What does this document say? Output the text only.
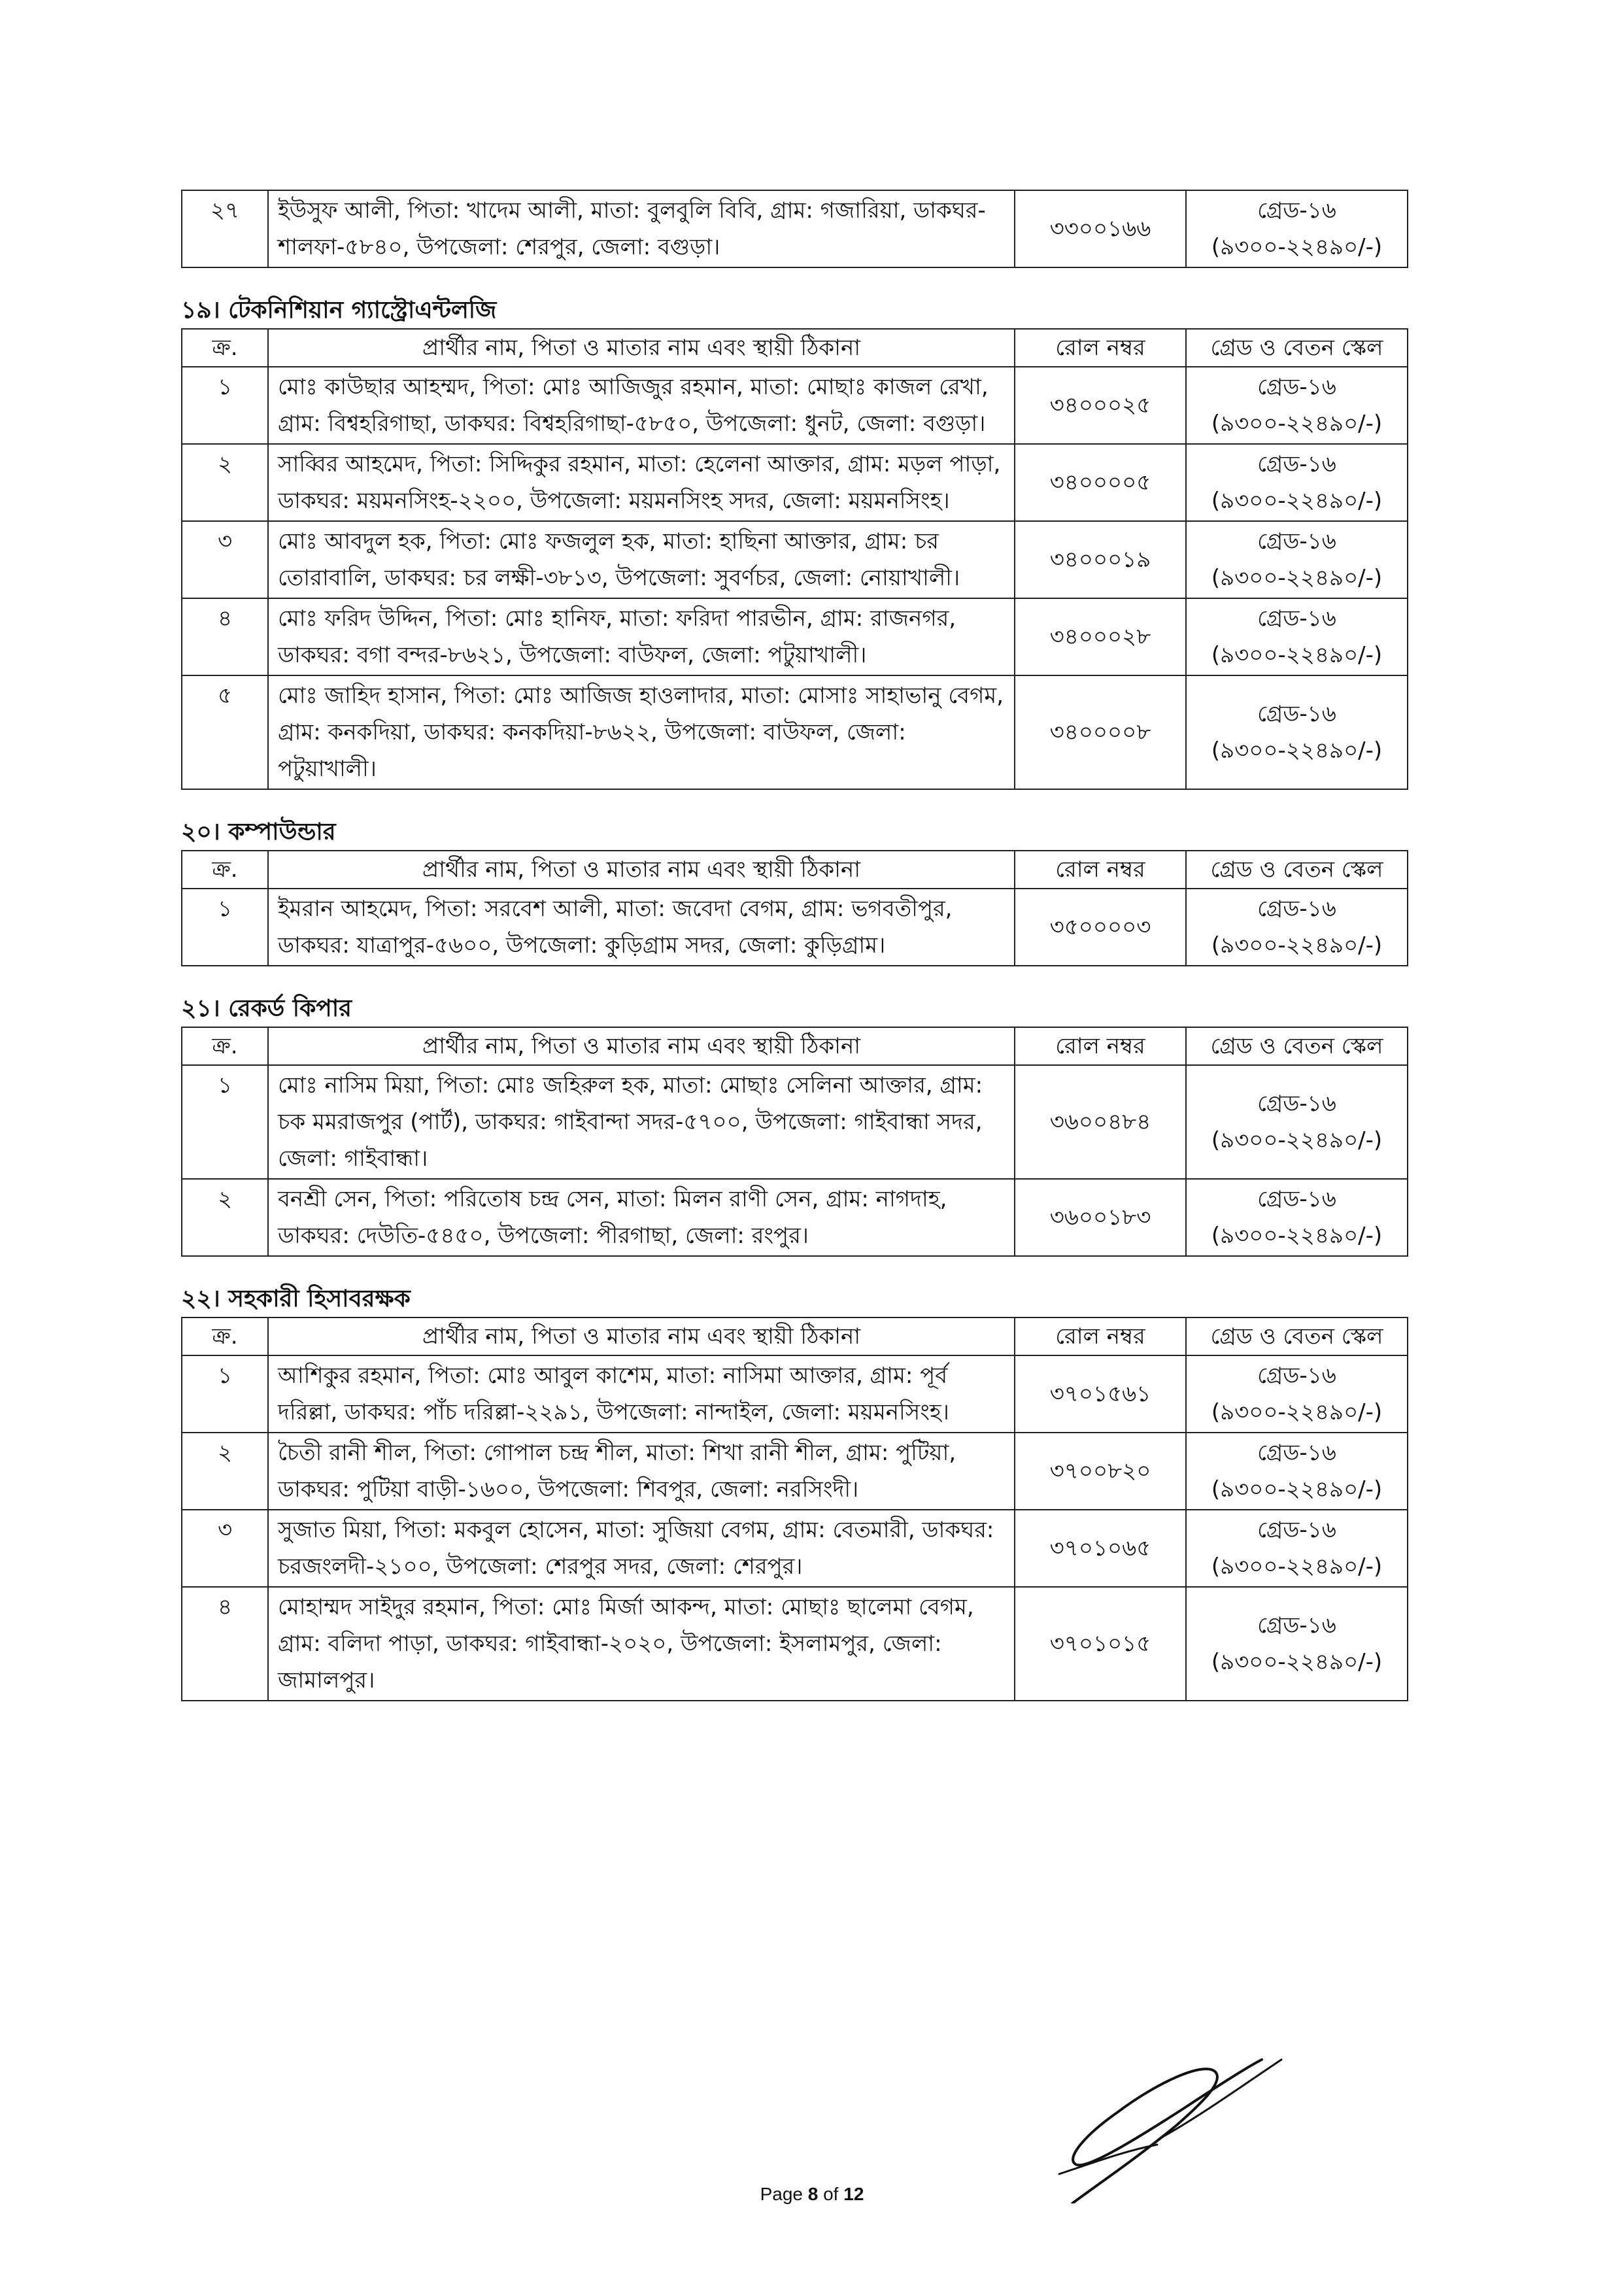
২৭	ইউসুফ আলী, পিতা: খাদেম আলী, মাতা: বুলবুলি বিবি, গ্রাম: গজারিয়া, ডাকঘর-শালফা-৫৮৪০, উপজেলা: শেরপুর, জেলা: বগুড়া।	৩৩০০১৬৬	
গ্রেড-১৬
(৯৩০০-২২৪৯০/-)
১৯। টেকনিশিয়ান গ্যাস্ট্রোএন্টলজি
ক্র.	প্রার্থীর নাম, পিতা ও মাতার নাম এবং স্থায়ী ঠিকানা	রোল নম্বর	গ্রেড ও বেতন স্কেল
১	মোঃ কাউছার আহম্মদ, পিতা: মোঃ আজিজুর রহমান, মাতা: মোছাঃ কাজল রেখা, গ্রাম: বিশ্বহরিগাছা, ডাকঘর: বিশ্বহরিগাছা-৫৮৫০, উপজেলা: ধুনট, জেলা: বগুড়া।	৩৪০০০২৫	গ্রেড-১৬
(৯৩০০-২২৪৯০/-)

২	সাব্বির আহমেদ, পিতা: সিদ্দিকুর রহমান, মাতা: হেলেনা আক্তার, গ্রাম: মড়ল পাড়া, ডাকঘর: ময়মনসিংহ-২২০০, উপজেলা: ময়মনসিংহ সদর, জেলা: ময়মনসিংহ।	৩৪০০০০৫	গ্রেড-১৬
(৯৩০০-২২৪৯০/-)

৩	মোঃ আবদুল হক, পিতা: মোঃ ফজলুল হক, মাতা: হাছিনা আক্তার, গ্রাম: চর তোরাবালি, ডাকঘর: চর লক্ষী-৩৮১৩, উপজেলা: সুবর্ণচর, জেলা: নোয়াখালী।	৩৪০০০১৯	গ্রেড-১৬
(৯৩০০-২২৪৯০/-)

৪	মোঃ ফরিদ উদ্দিন, পিতা: মোঃ হানিফ, মাতা: ফরিদা পারভীন, গ্রাম: রাজনগর, ডাকঘর: বগা বন্দর-৮৬২১, উপজেলা: বাউফল, জেলা: পটুয়াখালী।	৩৪০০০২৮	গ্রেড-১৬
(৯৩০০-২২৪৯০/-)

৫	মোঃ জাহিদ হাসান, পিতা: মোঃ আজিজ হাওলাদার, মাতা: মোসাঃ সাহাভানু বেগম, গ্রাম: কনকদিয়া, ডাকঘর: কনকদিয়া-৮৬২২, উপজেলা: বাউফল, জেলা: পটুয়াখালী।	৩৪০০০০৮	গ্রেড-১৬
(৯৩০০-২২৪৯০/-)
২০। কম্পাউন্ডার
ক্র.	প্রার্থীর নাম, পিতা ও মাতার নাম এবং স্থায়ী ঠিকানা	রোল নম্বর	গ্রেড ও বেতন স্কেল
১	ইমরান আহমেদ, পিতা: সরবেশ আলী, মাতা: জবেদা বেগম, গ্রাম: ভগবতীপুর, ডাকঘর: যাত্রাপুর-৫৬০০, উপজেলা: কুড়িগ্রাম সদর, জেলা: কুড়িগ্রাম।	৩৫০০০০৩	গ্রেড-১৬
(৯৩০০-২২৪৯০/-)
২১। রেকর্ড কিপার
ক্র.	প্রার্থীর নাম, পিতা ও মাতার নাম এবং স্থায়ী ঠিকানা	রোল নম্বর	গ্রেড ও বেতন স্কেল
১	মোঃ নাসিম মিয়া, পিতা: মোঃ জহিরুল হক, মাতা: মোছাঃ সেলিনা আক্তার, গ্রাম: চক মমরাজপুর (পার্ট), ডাকঘর: গাইবান্দা সদর-৫৭০০, উপজেলা: গাইবান্ধা সদর, জেলা: গাইবান্ধা।	৩৬০০৪৮৪	গ্রেড-১৬
(৯৩০০-২২৪৯০/-)

২	বনশ্রী সেন, পিতা: পরিতোষ চন্দ্র সেন, মাতা: মিলন রাণী সেন, গ্রাম: নাগদাহ, ডাকঘর: দেউতি-৫৪৫০, উপজেলা: পীরগাছা, জেলা: রংপুর।	৩৬০০১৮৩	গ্রেড-১৬
(৯৩০০-২২৪৯০/-)
২২। সহকারী হিসাবরক্ষক
ক্র.	প্রার্থীর নাম, পিতা ও মাতার নাম এবং স্থায়ী ঠিকানা	রোল নম্বর	গ্রেড ও বেতন স্কেল
১	আশিকুর রহমান, পিতা: মোঃ আবুল কাশেম, মাতা: নাসিমা আক্তার, গ্রাম: পূর্ব দরিল্লা, ডাকঘর: পাঁচ দরিল্লা-২২৯১, উপজেলা: নান্দাইল, জেলা: ময়মনসিংহ।	৩৭০১৫৬১	গ্রেড-১৬
(৯৩০০-২২৪৯০/-)

২	চৈতী রানী শীল, পিতা: গোপাল চন্দ্র শীল, মাতা: শিখা রানী শীল, গ্রাম: পুটিয়া, ডাকঘর: পুটিয়া বাড়ী-১৬০০, উপজেলা: শিবপুর, জেলা: নরসিংদী।	৩৭০০৮২০	গ্রেড-১৬
(৯৩০০-২২৪৯০/-)

৩	সুজাত মিয়া, পিতা: মকবুল হোসেন, মাতা: সুজিয়া বেগম, গ্রাম: বেতমারী, ডাকঘর: চরজংলদী-২১০০, উপজেলা: শেরপুর সদর, জেলা: শেরপুর।	৩৭০১০৬৫	গ্রেড-১৬
(৯৩০০-২২৪৯০/-)

৪	মোহাম্মদ সাইদুর রহমান, পিতা: মোঃ মির্জা আকন্দ, মাতা: মোছাঃ ছালেমা বেগম, গ্রাম: বলিদা পাড়া, ডাকঘর: গাইবান্ধা-২০২০, উপজেলা: ইসলামপুর, জেলা: জামালপুর।	৩৭০১০১৫	গ্রেড-১৬
(৯৩০০-২২৪৯০/-)
Page 8 of 12
